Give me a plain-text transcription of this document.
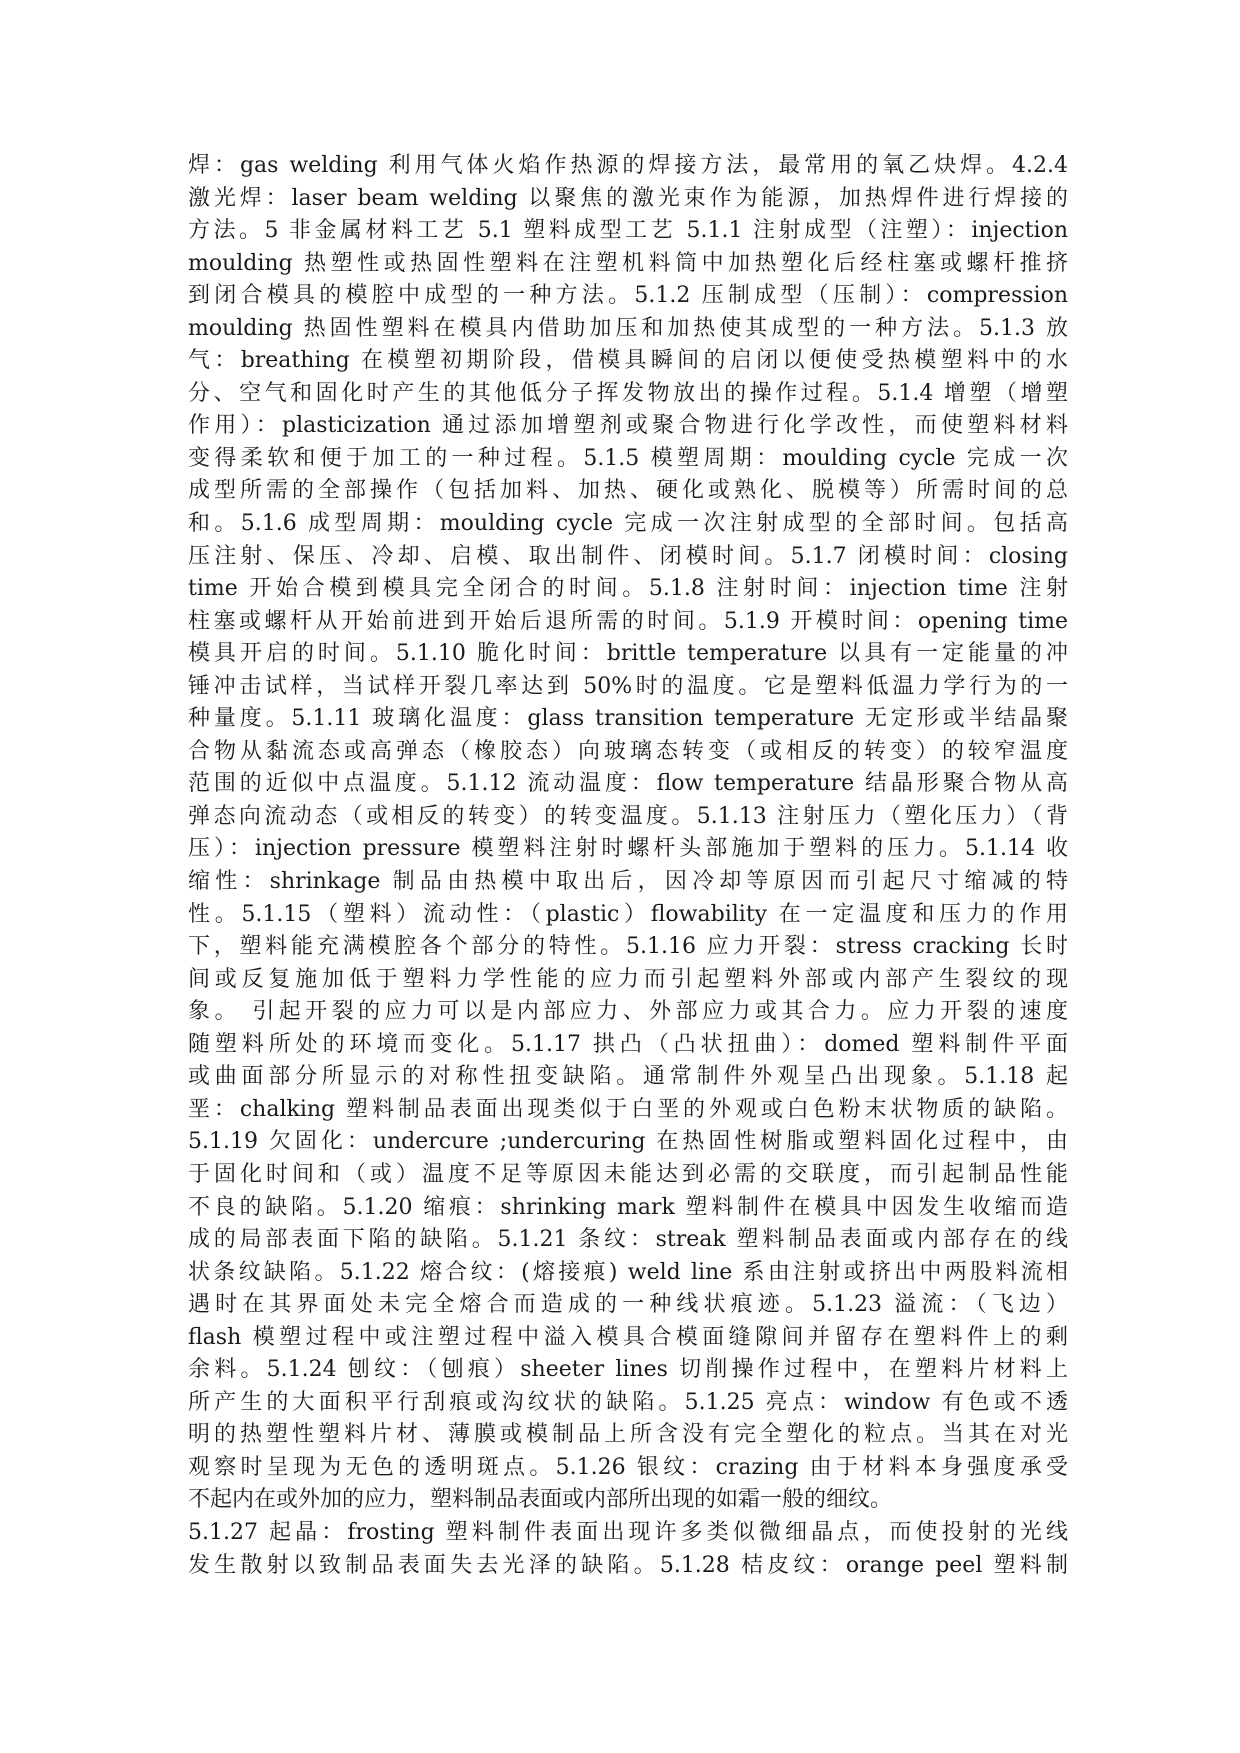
焊：gas welding 利用气体火焰作热源的焊接方法，最常用的氧乙炔焊。4.2.4
激光焊：laser beam welding 以聚焦的激光束作为能源，加热焊件进行焊接的
方法。5 非金属材料工艺 5.1 塑料成型工艺 5.1.1 注射成型（注塑）：injection
moulding 热塑性或热固性塑料在注塑机料筒中加热塑化后经柱塞或螺杆推挤
到闭合模具的模腔中成型的一种方法。5.1.2 压制成型（压制）：compression
moulding 热固性塑料在模具内借助加压和加热使其成型的一种方法。5.1.3 放
气：breathing 在模塑初期阶段，借模具瞬间的启闭以便使受热模塑料中的水
分、空气和固化时产生的其他低分子挥发物放出的操作过程。5.1.4 增塑（增塑
作用）：plasticization 通过添加增塑剂或聚合物进行化学改性，而使塑料材料
变得柔软和便于加工的一种过程。5.1.5 模塑周期：moulding cycle 完成一次
成型所需的全部操作（包括加料、加热、硬化或熟化、脱模等）所需时间的总
和。5.1.6 成型周期：moulding cycle 完成一次注射成型的全部时间。包括高
压注射、保压、冷却、启模、取出制件、闭模时间。5.1.7 闭模时间：closing
time 开始合模到模具完全闭合的时间。5.1.8 注射时间：injection time 注射
柱塞或螺杆从开始前进到开始后退所需的时间。5.1.9 开模时间：opening time
模具开启的时间。5.1.10 脆化时间：brittle temperature 以具有一定能量的冲
锤冲击试样，当试样开裂几率达到 50%时的温度。它是塑料低温力学行为的一
种量度。5.1.11 玻璃化温度：glass transition temperature 无定形或半结晶聚
合物从黏流态或高弹态（橡胶态）向玻璃态转变（或相反的转变）的较窄温度
范围的近似中点温度。5.1.12 流动温度：flow temperature 结晶形聚合物从高
弹态向流动态（或相反的转变）的转变温度。5.1.13 注射压力（塑化压力）（背
压）：injection pressure 模塑料注射时螺杆头部施加于塑料的压力。5.1.14 收
缩性：shrinkage 制品由热模中取出后，因冷却等原因而引起尺寸缩减的特
性。5.1.15（塑料）流动性：（plastic）flowability 在一定温度和压力的作用
下，塑料能充满模腔各个部分的特性。5.1.16 应力开裂：stress cracking 长时
间或反复施加低于塑料力学性能的应力而引起塑料外部或内部产生裂纹的现
象。 引起开裂的应力可以是内部应力、外部应力或其合力。应力开裂的速度
随塑料所处的环境而变化。5.1.17 拱凸（凸状扭曲）：domed 塑料制件平面
或曲面部分所显示的对称性扭变缺陷。通常制件外观呈凸出现象。5.1.18 起
垩：chalking 塑料制品表面出现类似于白垩的外观或白色粉末状物质的缺陷。
5.1.19 欠固化：undercure ;undercuring 在热固性树脂或塑料固化过程中，由
于固化时间和（或）温度不足等原因未能达到必需的交联度，而引起制品性能
不良的缺陷。5.1.20 缩痕：shrinking mark 塑料制件在模具中因发生收缩而造
成的局部表面下陷的缺陷。5.1.21 条纹：streak 塑料制品表面或内部存在的线
状条纹缺陷。5.1.22 熔合纹：(熔接痕) weld line 系由注射或挤出中两股料流相
遇时在其界面处未完全熔合而造成的一种线状痕迹。5.1.23 溢流：（飞边）
flash 模塑过程中或注塑过程中溢入模具合模面缝隙间并留存在塑料件上的剩
余料。5.1.24 刨纹：（刨痕）sheeter lines 切削操作过程中，在塑料片材料上
所产生的大面积平行刮痕或沟纹状的缺陷。5.1.25 亮点：window 有色或不透
明的热塑性塑料片材、薄膜或模制品上所含没有完全塑化的粒点。当其在对光
观察时呈现为无色的透明斑点。5.1.26 银纹：crazing 由于材料本身强度承受
不起内在或外加的应力，塑料制品表面或内部所出现的如霜一般的细纹。
5.1.27 起晶：frosting 塑料制件表面出现许多类似微细晶点，而使投射的光线
发生散射以致制品表面失去光泽的缺陷。5.1.28 桔皮纹：orange peel 塑料制
